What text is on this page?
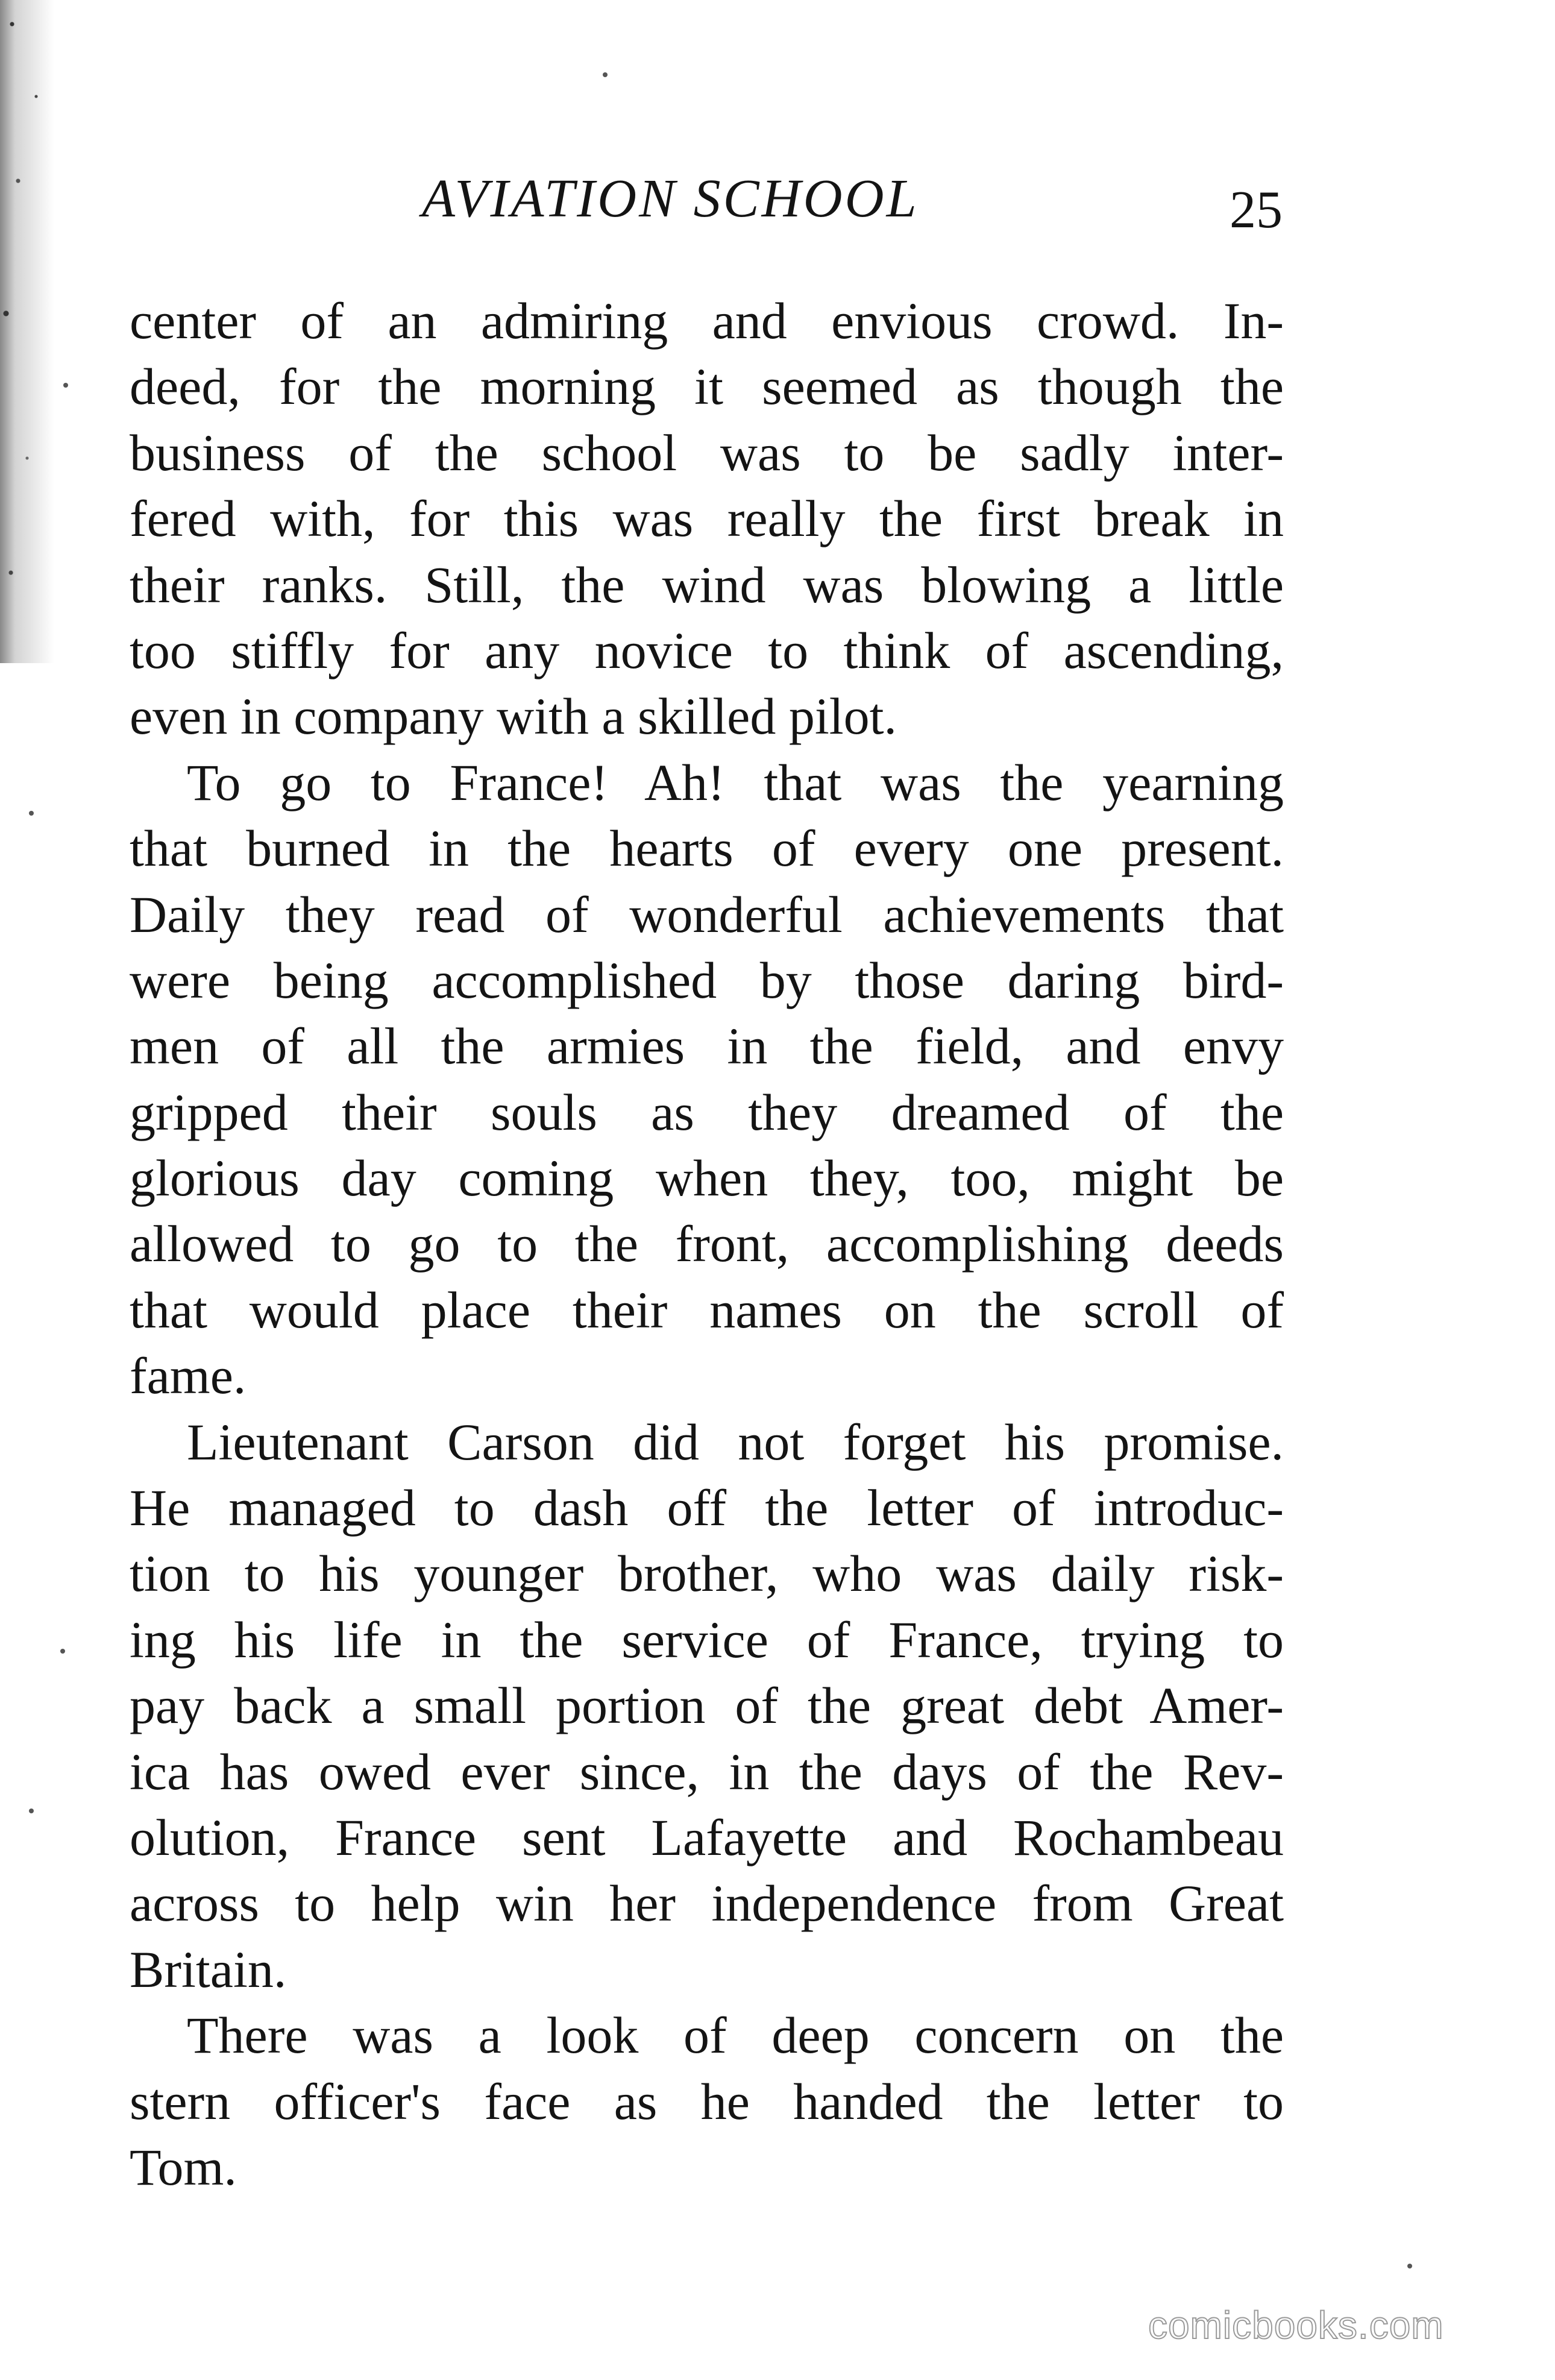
AVIATION SCHOOL	25
center of an admiring and envious crowd. In-
deed, for the morning it seemed as though the
business of the school was to be sadly inter-
fered with, for this was really the first break in
their ranks. Still, the wind was blowing a little
too stiffly for any novice to think of ascending,
even in company with a skilled pilot.
To go to France! Ah! that was the yearning
that burned in the hearts of every one present.
Daily they read of wonderful achievements that
were being accomplished by those daring bird-
men of all the armies in the field, and envy
gripped their souls as they dreamed of the
glorious day coming when they, too, might be
allowed to go to the front, accomplishing deeds
that would place their names on the scroll of
fame.
Lieutenant Carson did not forget his promise.
He managed to dash off the letter of introduc-
tion to his younger brother, who was daily risk-
ing his life in the service of France, trying to
pay back a small portion of the great debt Amer-
ica has owed ever since, in the days of the Rev-
olution, France sent Lafayette and Rochambeau
across to help win her independence from Great
Britain.
There was a look of deep concern on the
stern officer's face as he handed the letter to
Tom.
comicbooks.com
